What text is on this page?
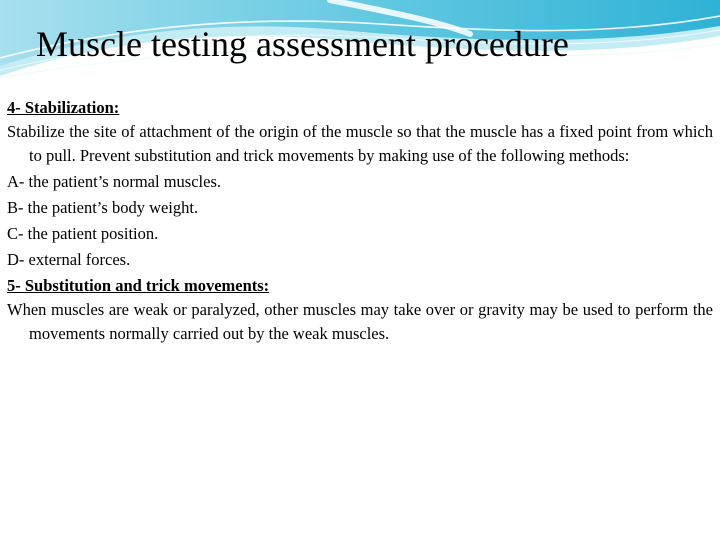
Muscle testing assessment procedure

4- Stabilization:

Stabilize the site of attachment of the origin of the muscle so that the muscle has a fixed point from which to pull. Prevent substitution and trick movements by making use of the following methods:

A- the patient’s normal muscles.

B- the patient’s body weight.

C- the patient position.

D- external forces.

5- Substitution and trick movements:

When muscles are weak or paralyzed, other muscles may take over or gravity may be used to perform the movements normally carried out by the weak muscles.
